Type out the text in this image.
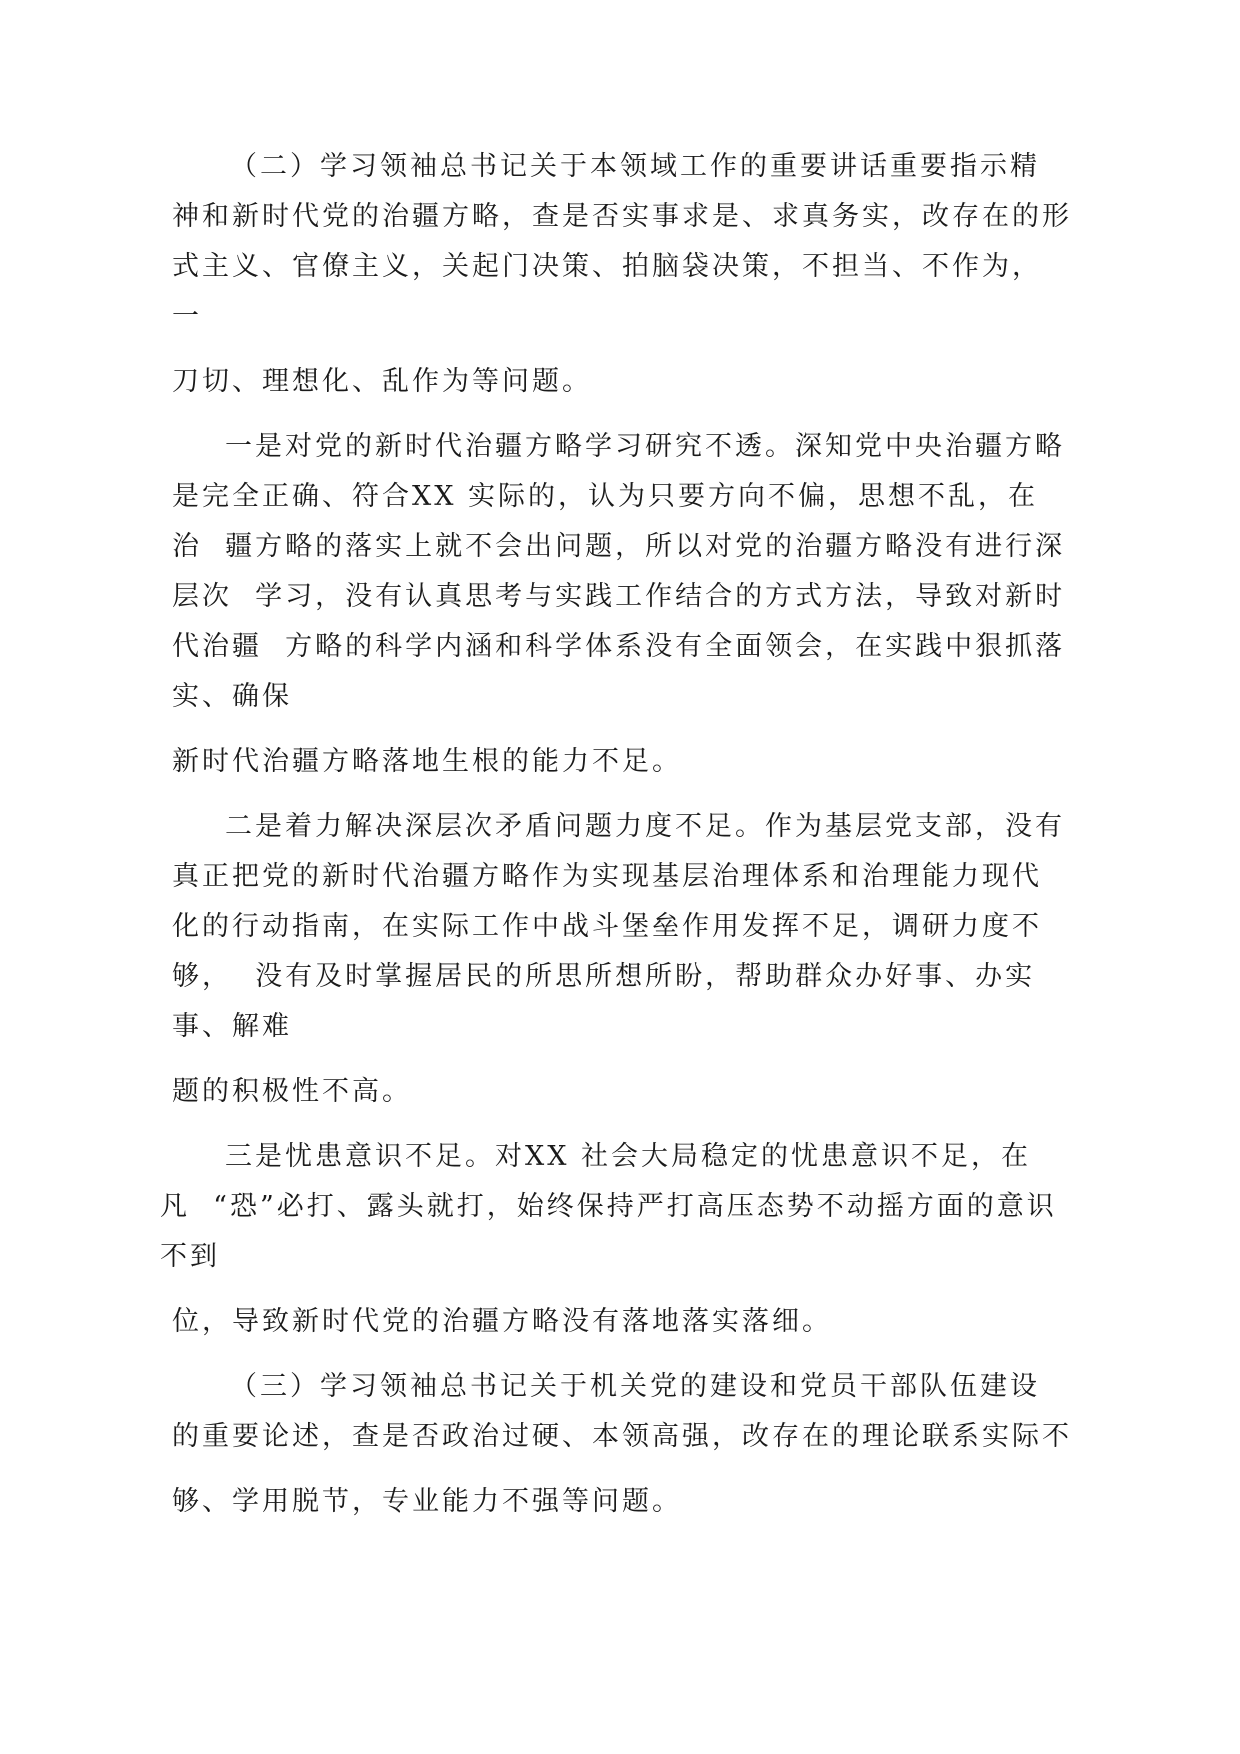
（二）学习领袖总书记关于本领域工作的重要讲话重要指示精
神和新时代党的治疆方略，查是否实事求是、求真务实，改存在的形
式主义、官僚主义，关起门决策、拍脑袋决策，不担当、不作为，
一
刀切、理想化、乱作为等问题。
一是对党的新时代治疆方略学习研究不透。深知党中央治疆方略
是完全正确、符合XX 实际的，认为只要方向不偏，思想不乱，在
治  疆方略的落实上就不会出问题，所以对党的治疆方略没有进行深
层次  学习，没有认真思考与实践工作结合的方式方法，导致对新时
代治疆  方略的科学内涵和科学体系没有全面领会，在实践中狠抓落
实、确保
新时代治疆方略落地生根的能力不足。
二是着力解决深层次矛盾问题力度不足。作为基层党支部，没有
真正把党的新时代治疆方略作为实现基层治理体系和治理能力现代
化的行动指南，在实际工作中战斗堡垒作用发挥不足，调研力度不
够，  没有及时掌握居民的所思所想所盼，帮助群众办好事、办实
事、解难
题的积极性不高。
三是忧患意识不足。对XX 社会大局稳定的忧患意识不足，在
凡  “恐”必打、露头就打，始终保持严打高压态势不动摇方面的意识
不到
位，导致新时代党的治疆方略没有落地落实落细。
（三）学习领袖总书记关于机关党的建设和党员干部队伍建设
的重要论述，查是否政治过硬、本领高强，改存在的理论联系实际不
够、学用脱节，专业能力不强等问题。
